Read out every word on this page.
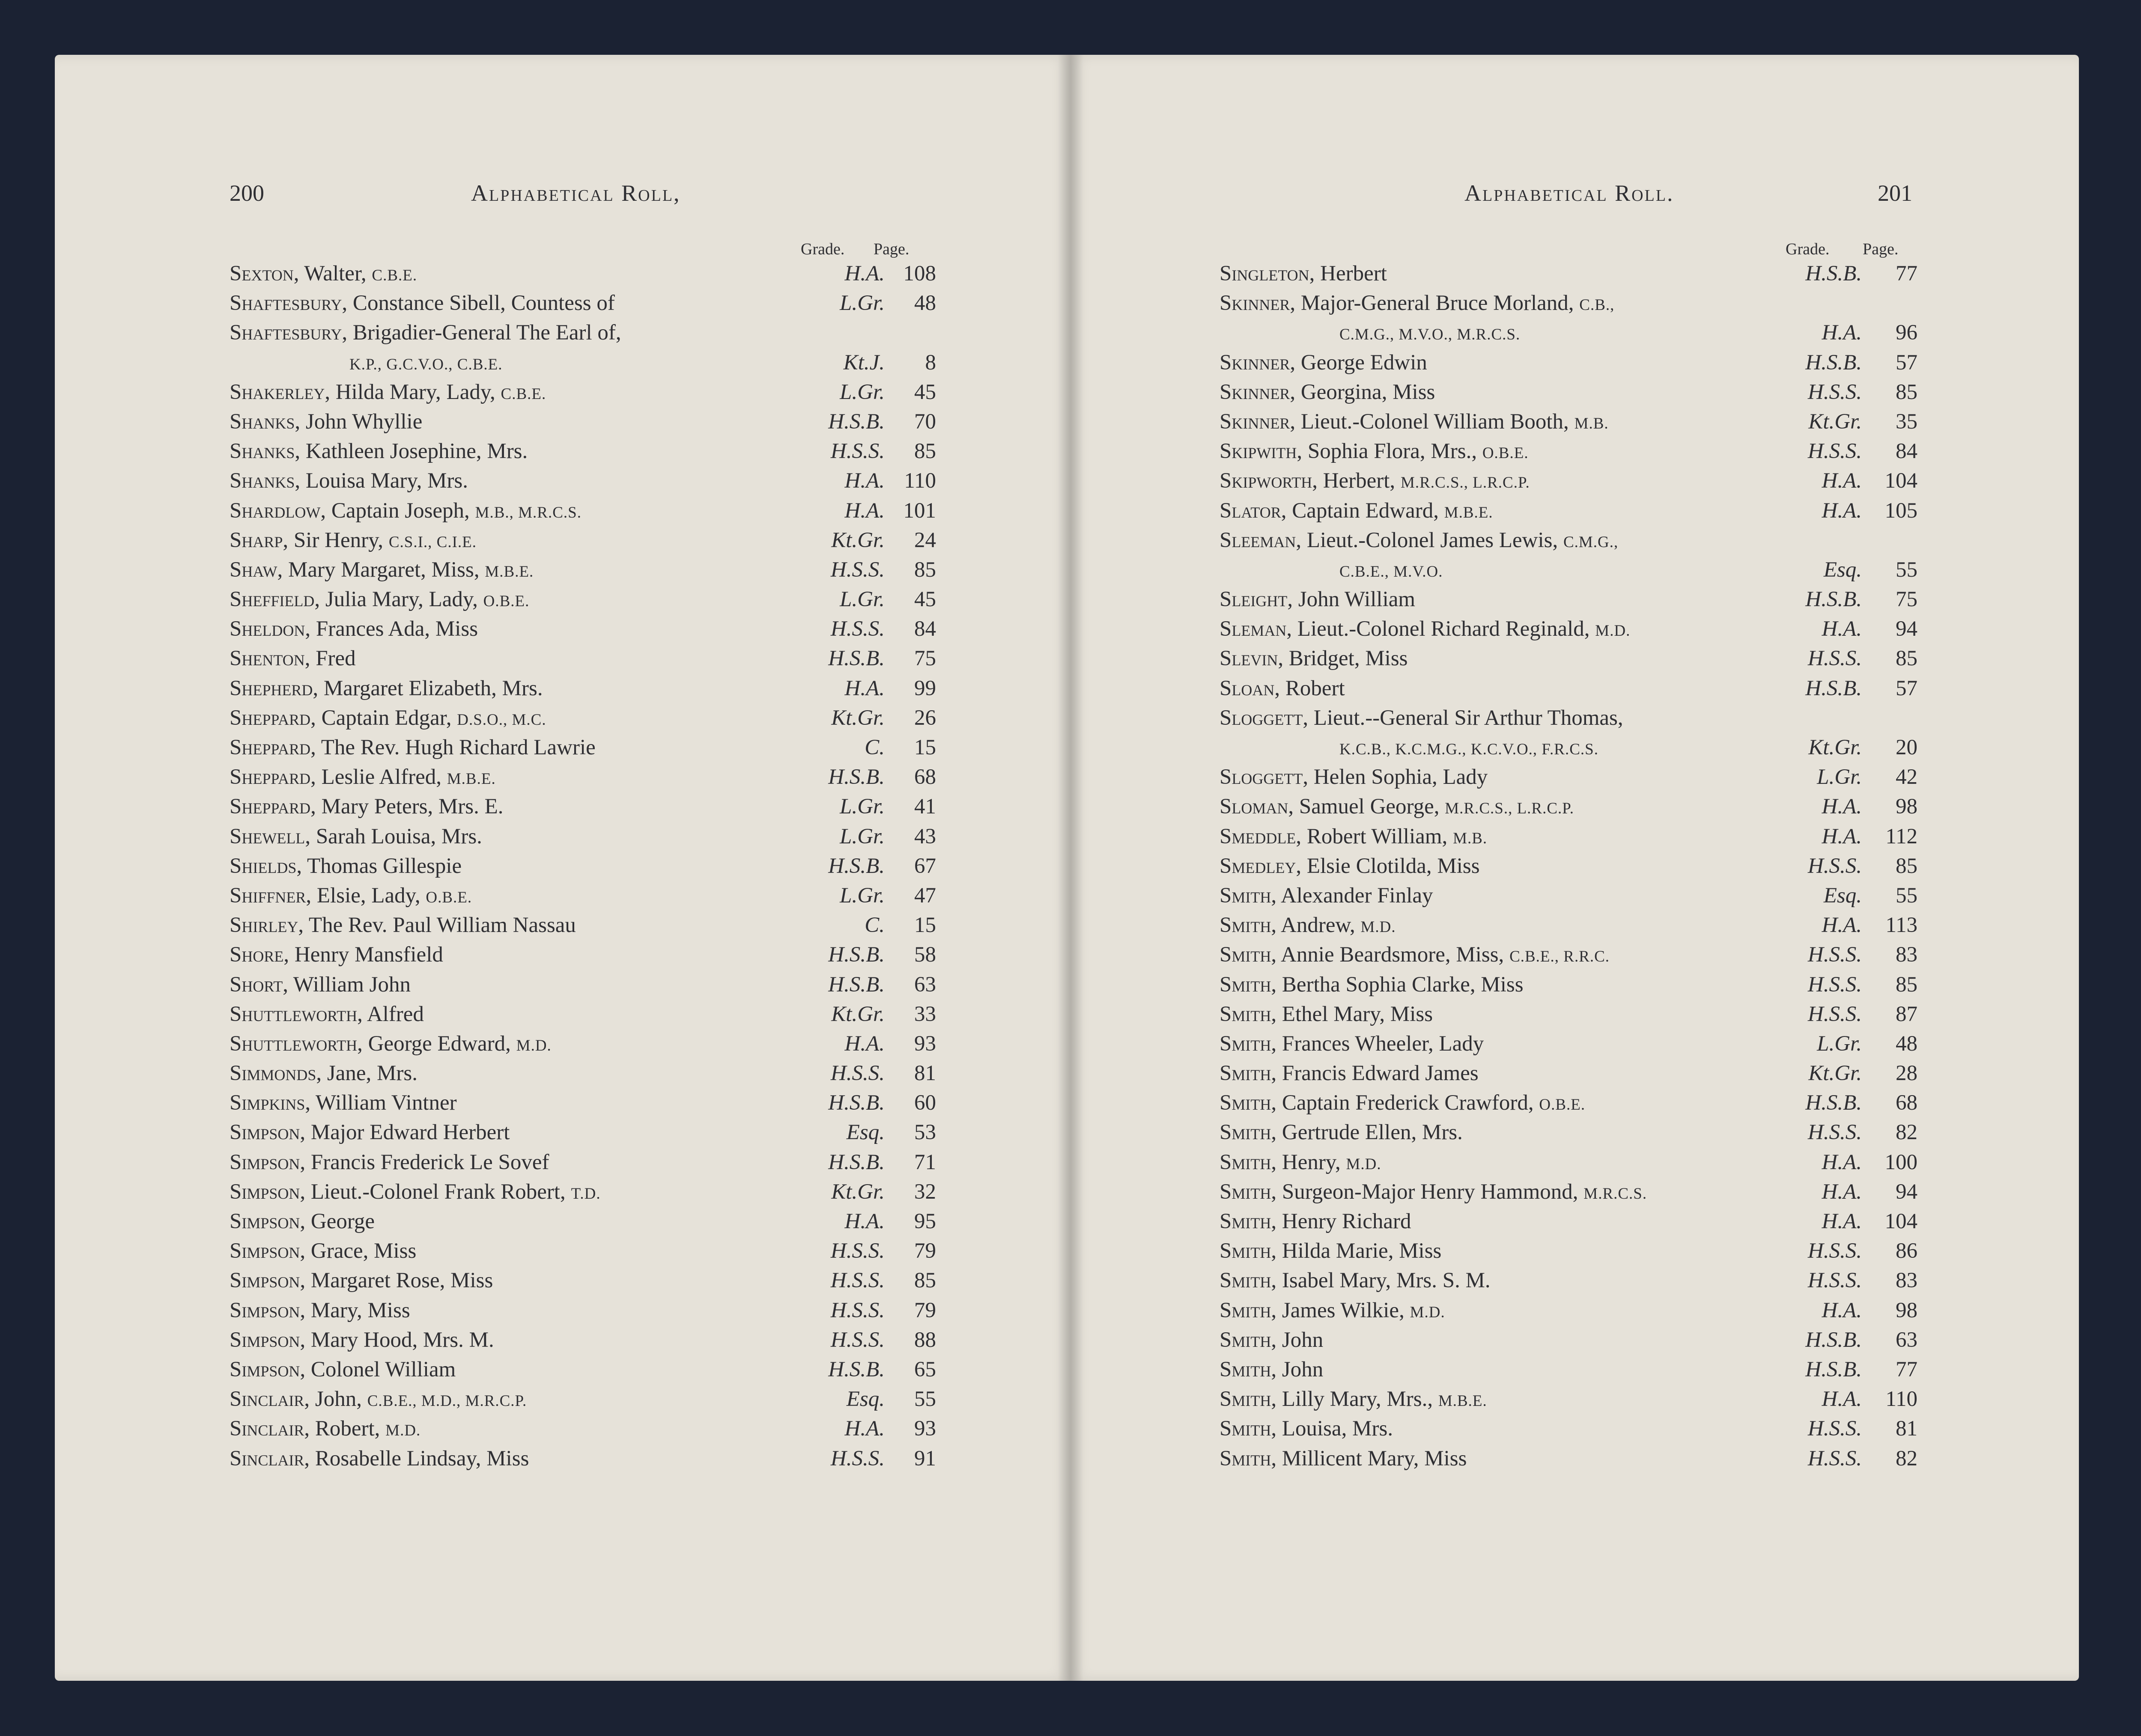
200	Alphabetical Roll,
Grade. Page.
Alphabetical Roll.	201
Grade. Page.
Sexton, Walter, C.B.E.	H.A. 108
Shaftesbury, Constance Sibell, Countess of	L.Gr.	48
Shaftesbury, Brigadier-General The Earl of,
K.P., G.C.V.O., C.B.E.	Kt.J.	8
Shakerley, Hilda Mary, Lady, C.B.E.	L.Gr.	45
Shanks, John Whyllie	H.S.B.	70
Shanks, Kathleen Josephine, Mrs.	H.S.S.	85
Shanks, Louisa Mary, Mrs.	H.A. 110
Shardlow, Captain Joseph, M.B., M.R.C.S.	H.A. 101
Sharp, Sir Henry, C.S.I., C.I.E.	Kt.Gr.	24
Shaw, Mary Margaret, Miss, M.B.E.	H.S.S.	85
Sheffield, Julia Mary, Lady, O.B.E.	L.Gr.	45
Sheldon, Frances Ada, Miss	H.S.S.	84
Shenton, Fred	H.S.B.	75
Shepherd, Margaret Elizabeth, Mrs.	H.A.	99
Sheppard, Captain Edgar, D.S.O., M.C.	Kt.Gr.	26
Sheppard, The Rev. Hugh Richard Lawrie	C.	15
Sheppard, Leslie Alfred, M.B.E.	H.S.B.	68
Sheppard, Mary Peters, Mrs. E.	L.Gr.	41
Shewell, Sarah Louisa, Mrs.	L.Gr.	43
Shields, Thomas Gillespie	H.S.B.	67
Shiffner, Elsie, Lady, O.B.E.	L.Gr.	47
Shirley, The Rev. Paul William Nassau	C.	15
Shore, Henry Mansfield	H.S.B.	58
Short, William John	H.S.B.	63
Shuttleworth, Alfred	Kt.Gr.	33
Shuttleworth, George Edward, M.D.	H.A.	93
Simmonds, Jane, Mrs.	H.S.S.	81
Simpkins, William Vintner	H.S.B.	60
Simpson, Major Edward Herbert	Esq.	53
Simpson, Francis Frederick Le Sovef	H.S.B.	71
Simpson, Lieut.-Colonel Frank Robert, T.D.	Kt.Gr.	32
Simpson, George	H.A.	95
Simpson, Grace, Miss	H.S.S.	79
Simpson, Margaret Rose, Miss	H.S.S.	85
Simpson, Mary, Miss	H.S.S.	79
Simpson, Mary Hood, Mrs. M.	H.S.S.	88
Simpson, Colonel William	H.S.B.	65
Sinclair, John, C.B.E., M.D., M.R.C.P.	Esq.	55
Sinclair, Robert, M.D.	H.A.	93
Sinclair, Rosabelle Lindsay, Miss	H.S.S.	91
Singleton, Herbert	H.S.B.	77
Skinner, Major-General Bruce Morland, C.B.,
C.M.G., M.V.O., M.R.C.S.	H.A.	96
Skinner, George Edwin	H.S.B.	57
Skinner, Georgina, Miss	H.S.S.	85
Skinner, Lieut.-Colonel William Booth, M.B.	Kt.Gr.	35
Skipwith, Sophia Flora, Mrs., O.B.E.	H.S.S.	84
Skipworth, Herbert, M.R.C.S., L.R.C.P.	H.A.	104
Slator, Captain Edward, M.B.E.	H.A.	105
Sleeman, Lieut.-Colonel James Lewis, C.M.G.,
C.B.E., M.V.O.	Esq.	55
Sleight, John William	H.S.B.	75
Sleman, Lieut.-Colonel Richard Reginald, M.D.	H.A.	94
Slevin, Bridget, Miss	H.S.S.	85
Sloan, Robert	H.S.B.	57
Sloggett, Lieut.--General Sir Arthur Thomas,
K.C.B., K.C.M.G., K.C.V.O., F.R.C.S.	Kt.Gr.	20
Sloggett, Helen Sophia, Lady	L.Gr.	42
Sloman, Samuel George, M.R.C.S., L.R.C.P.	H.A.	98
Smeddle, Robert William, M.B.	H.A.	112
Smedley, Elsie Clotilda, Miss	H.S.S.	85
Smith, Alexander Finlay	Esq.	55
Smith, Andrew, M.D.	H.A.	113
Smith, Annie Beardsmore, Miss, C.B.E., R.R.C.	H.S.S.	83
Smith, Bertha Sophia Clarke, Miss	H.S.S.	85
Smith, Ethel Mary, Miss	H.S.S.	87
Smith, Frances Wheeler, Lady	L.Gr.	48
Smith, Francis Edward James	Kt.Gr.	28
Smith, Captain Frederick Crawford, O.B.E.	H.S.B.	68
Smith, Gertrude Ellen, Mrs.	H.S.S.	82
Smith, Henry, M.D.	H.A.	100
Smith, Surgeon-Major Henry Hammond, M.R.C.S.	H.A.	94
Smith, Henry Richard	H.A.	104
Smith, Hilda Marie, Miss	H.S.S.	86
Smith, Isabel Mary, Mrs. S. M.	H.S.S.	83
Smith, James Wilkie, M.D.	H.A.	98
Smith, John	H.S.B.	63
Smith, John	H.S.B.	77
Smith, Lilly Mary, Mrs., M.B.E.	H.A.	110
Smith, Louisa, Mrs.	H.S.S.	81
Smith, Millicent Mary, Miss	H.S.S.	82
